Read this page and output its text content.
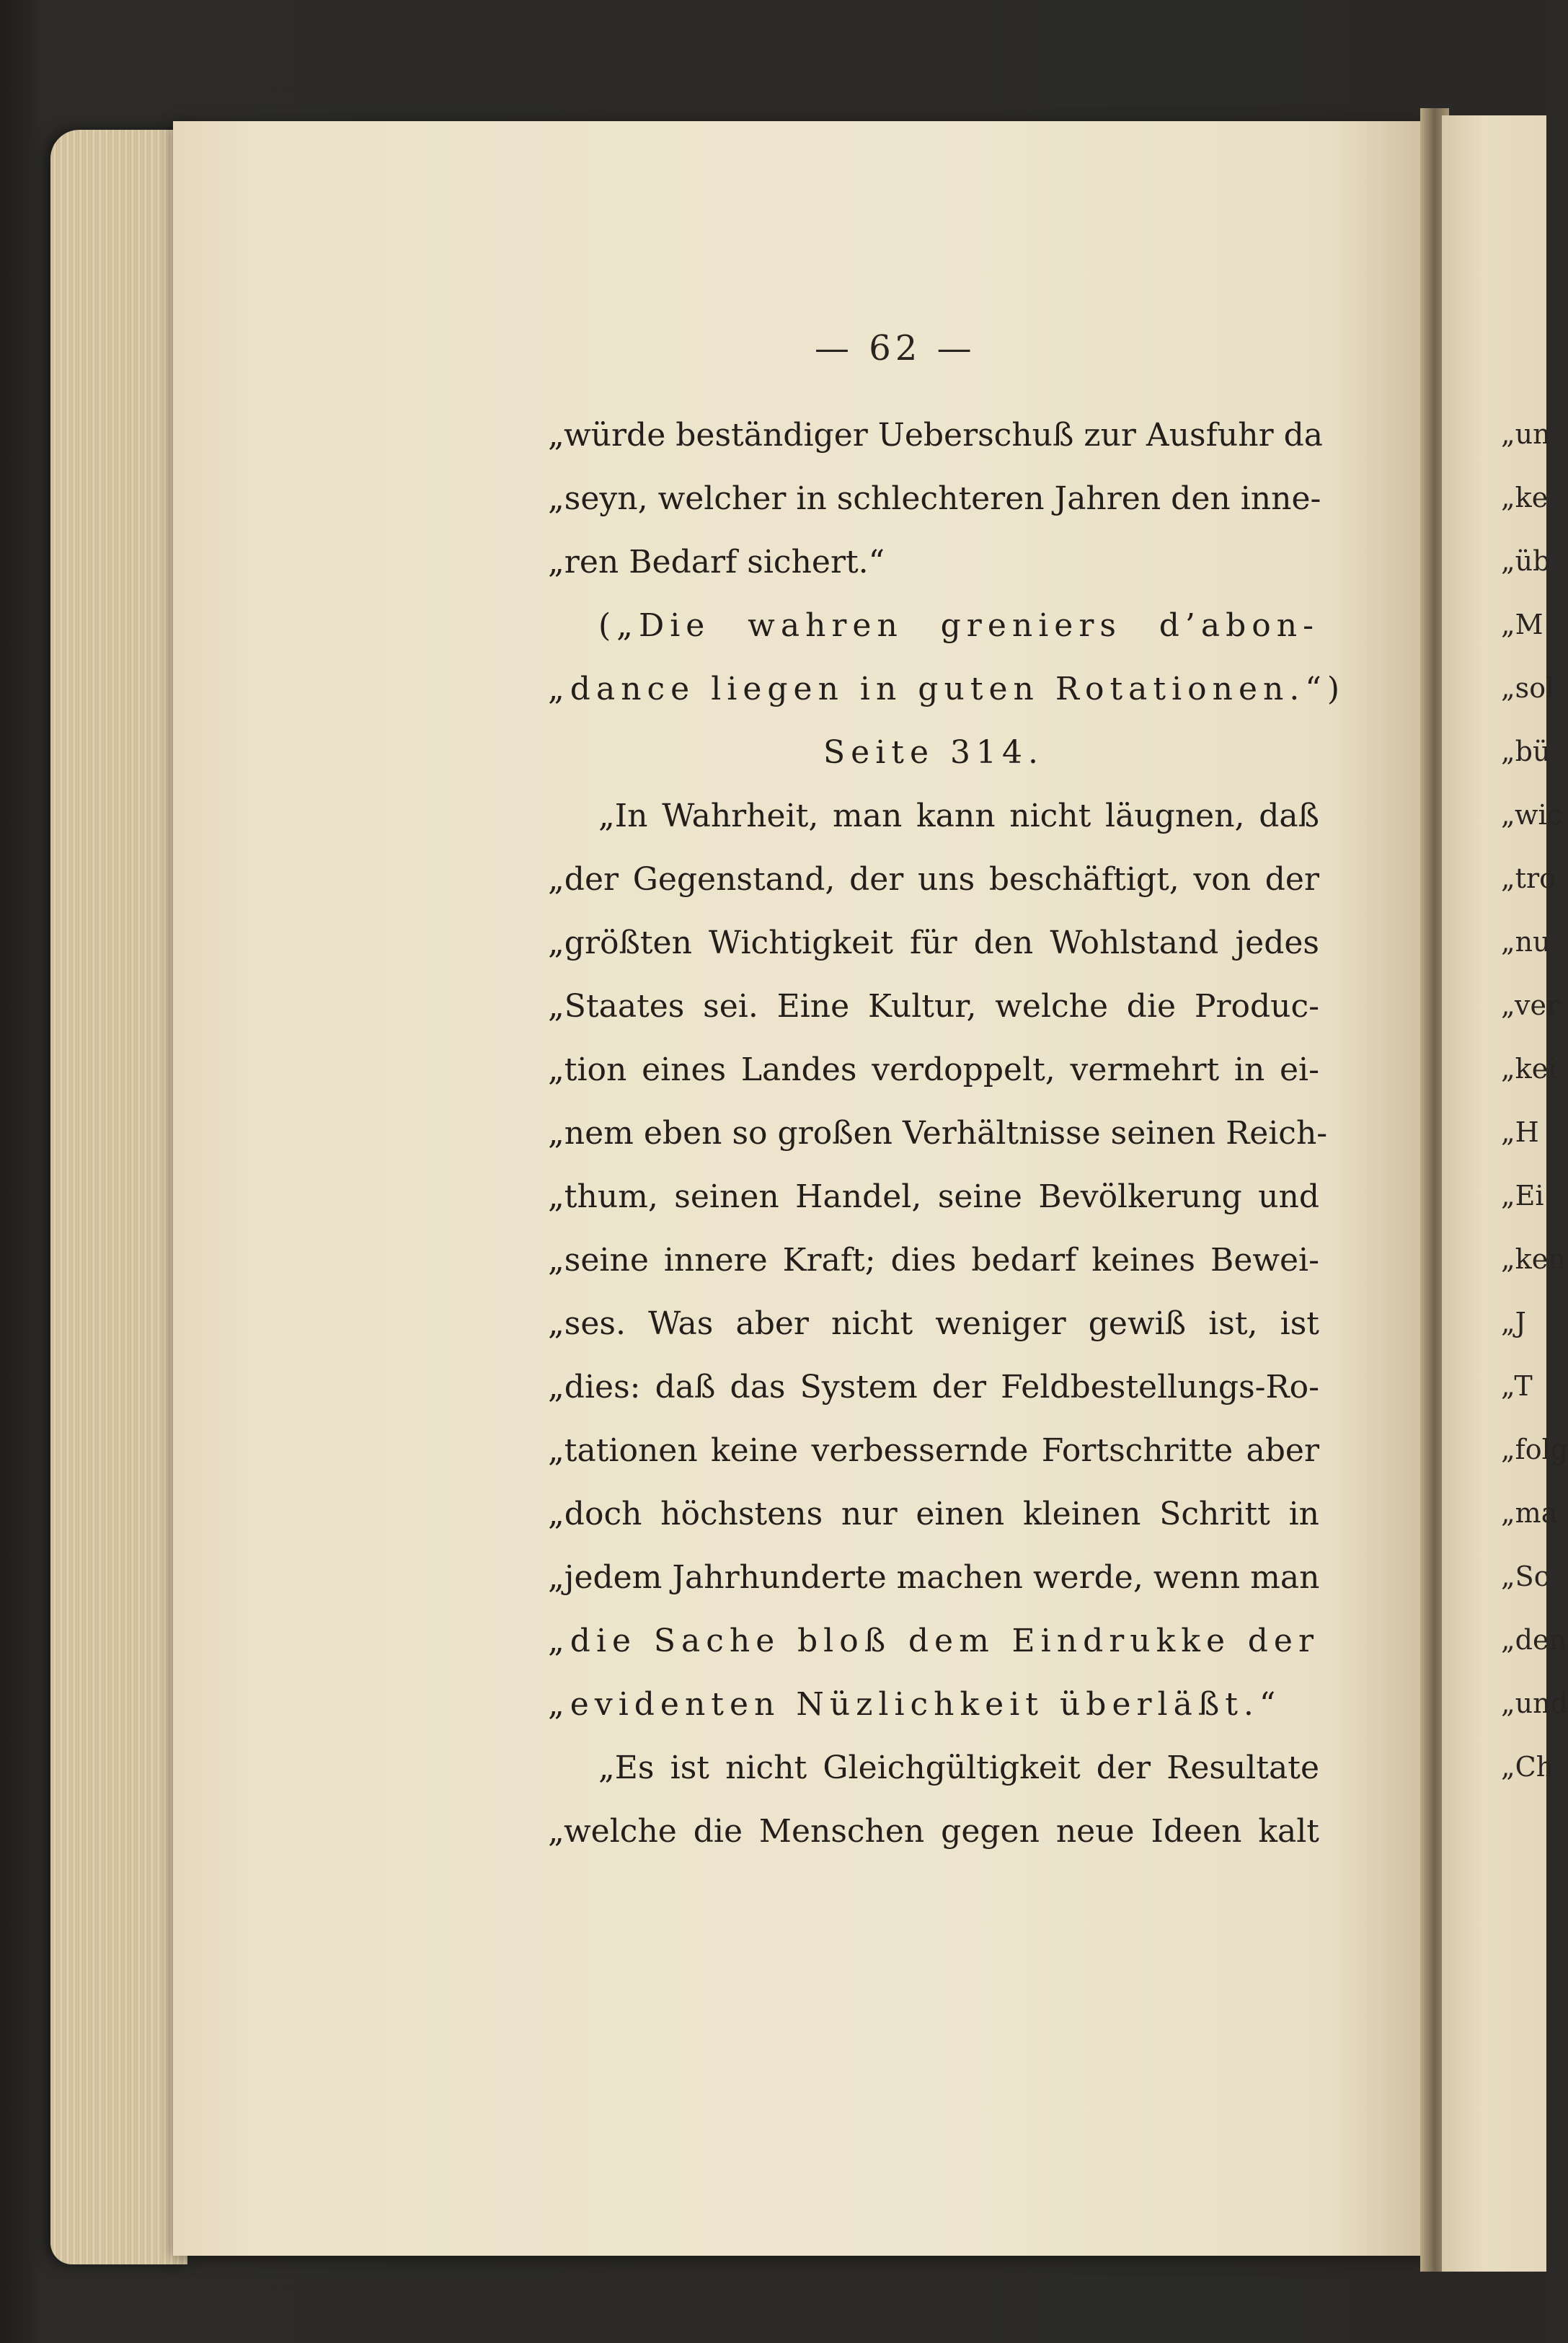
„un
„ke
„üb
„M
„sol
„bü
„wic
„tro
„nu
„ver
„kei
„H
„Ei
„ken
„J
„T
„folg
„ma
„Sc
„den
„und
„Ch
— 62 —
„würde beständiger Ueberschuß zur Ausfuhr da
„seyn, welcher in schlechteren Jahren den inne-
„ren Bedarf sichert.“
(„Die wahren greniers d’abon-
„dance liegen in guten Rotationen.“)
Seite 314.
„In Wahrheit, man kann nicht läugnen, daß
„der Gegenstand, der uns beschäftigt, von der
„größten Wichtigkeit für den Wohlstand jedes
„Staates sei. Eine Kultur, welche die Produc-
„tion eines Landes verdoppelt, vermehrt in ei-
„nem eben so großen Verhältnisse seinen Reich-
„thum, seinen Handel, seine Bevölkerung und
„seine innere Kraft; dies bedarf keines Bewei-
„ses. Was aber nicht weniger gewiß ist, ist
„dies: daß das System der Feldbestellungs-Ro-
„tationen keine verbessernde Fortschritte aber
„doch höchstens nur einen kleinen Schritt in
„jedem Jahrhunderte machen werde, wenn man
„die Sache bloß dem Eindrukke der
„evidenten Nüzlichkeit überläßt.“
„Es ist nicht Gleichgültigkeit der Resultate
„welche die Menschen gegen neue Ideen kalt
